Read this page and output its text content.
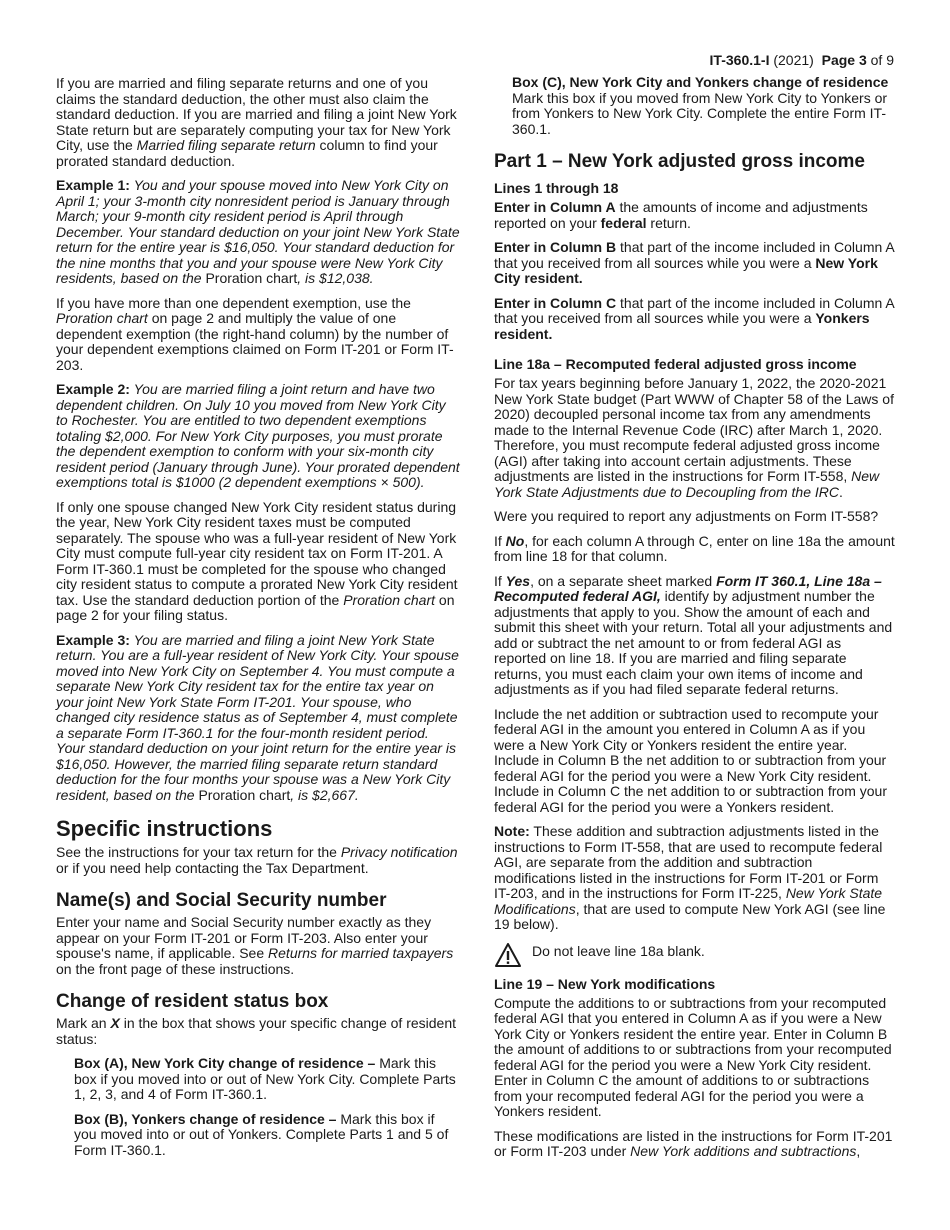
IT-360.1-I (2021) Page 3 of 9

If you are married and filing separate returns and one of you claims the standard deduction, the other must also claim the standard deduction. If you are married and filing a joint New York State return but are separately computing your tax for New York City, use the Married filing separate return column to find your prorated standard deduction.

Example 1: You and your spouse moved into New York City on April 1; your 3-month city nonresident period is January through March; your 9-month city resident period is April through December. Your standard deduction on your joint New York State return for the entire year is $16,050. Your standard deduction for the nine months that you and your spouse were New York City residents, based on the Proration chart, is $12,038.

If you have more than one dependent exemption, use the Proration chart on page 2 and multiply the value of one dependent exemption (the right-hand column) by the number of your dependent exemptions claimed on Form IT-201 or Form IT-203.

Example 2: You are married filing a joint return and have two dependent children. On July 10 you moved from New York City to Rochester. You are entitled to two dependent exemptions totaling $2,000. For New York City purposes, you must prorate the dependent exemption to conform with your six-month city resident period (January through June). Your prorated dependent exemptions total is $1000 (2 dependent exemptions × 500).

If only one spouse changed New York City resident status during the year, New York City resident taxes must be computed separately. The spouse who was a full-year resident of New York City must compute full-year city resident tax on Form IT-201. A Form IT-360.1 must be completed for the spouse who changed city resident status to compute a prorated New York City resident tax. Use the standard deduction portion of the Proration chart on page 2 for your filing status.

Example 3: You are married and filing a joint New York State return. You are a full-year resident of New York City. Your spouse moved into New York City on September 4. You must compute a separate New York City resident tax for the entire tax year on your joint New York State Form IT-201. Your spouse, who changed city residence status as of September 4, must complete a separate Form IT-360.1 for the four-month resident period. Your standard deduction on your joint return for the entire year is $16,050. However, the married filing separate return standard deduction for the four months your spouse was a New York City resident, based on the Proration chart, is $2,667.

Specific instructions

See the instructions for your tax return for the Privacy notification or if you need help contacting the Tax Department.

Name(s) and Social Security number

Enter your name and Social Security number exactly as they appear on your Form IT-201 or Form IT-203. Also enter your spouse's name, if applicable. See Returns for married taxpayers on the front page of these instructions.

Change of resident status box

Mark an X in the box that shows your specific change of resident status:

Box (A), New York City change of residence – Mark this box if you moved into or out of New York City. Complete Parts 1, 2, 3, and 4 of Form IT-360.1.

Box (B), Yonkers change of residence – Mark this box if you moved into or out of Yonkers. Complete Parts 1 and 5 of Form IT-360.1.

Box (C), New York City and Yonkers change of residence
Mark this box if you moved from New York City to Yonkers or from Yonkers to New York City. Complete the entire Form IT-360.1.
Part 1 – New York adjusted gross income
Lines 1 through 18

Enter in Column A the amounts of income and adjustments reported on your federal return.

Enter in Column B that part of the income included in Column A that you received from all sources while you were a New York City resident.

Enter in Column C that part of the income included in Column A that you received from all sources while you were a Yonkers resident.

Line 18a – Recomputed federal adjusted gross income

For tax years beginning before January 1, 2022, the 2020-2021 New York State budget (Part WWW of Chapter 58 of the Laws of 2020) decoupled personal income tax from any amendments made to the Internal Revenue Code (IRC) after March 1, 2020. Therefore, you must recompute federal adjusted gross income (AGI) after taking into account certain adjustments. These adjustments are listed in the instructions for Form IT-558, New York State Adjustments due to Decoupling from the IRC.

Were you required to report any adjustments on Form IT-558?

If No, for each column A through C, enter on line 18a the amount from line 18 for that column.

If Yes, on a separate sheet marked Form IT 360.1, Line 18a – Recomputed federal AGI, identify by adjustment number the adjustments that apply to you. Show the amount of each and submit this sheet with your return. Total all your adjustments and add or subtract the net amount to or from federal AGI as reported on line 18. If you are married and filing separate returns, you must each claim your own items of income and adjustments as if you had filed separate federal returns.

Include the net addition or subtraction used to recompute your federal AGI in the amount you entered in Column A as if you were a New York City or Yonkers resident the entire year. Include in Column B the net addition to or subtraction from your federal AGI for the period you were a New York City resident. Include in Column C the net addition to or subtraction from your federal AGI for the period you were a Yonkers resident.

Note: These addition and subtraction adjustments listed in the instructions to Form IT-558, that are used to recompute federal AGI, are separate from the addition and subtraction modifications listed in the instructions for Form IT-201 or Form IT-203, and in the instructions for Form IT-225, New York State Modifications, that are used to compute New York AGI (see line 19 below).

Do not leave line 18a blank.
Line 19 – New York modifications

Compute the additions to or subtractions from your recomputed federal AGI that you entered in Column A as if you were a New York City or Yonkers resident the entire year. Enter in Column B the amount of additions to or subtractions from your recomputed federal AGI for the period you were a New York City resident. Enter in Column C the amount of additions to or subtractions from your recomputed federal AGI for the period you were a Yonkers resident.

These modifications are listed in the instructions for Form IT-201 or Form IT-203 under New York additions and subtractions,
